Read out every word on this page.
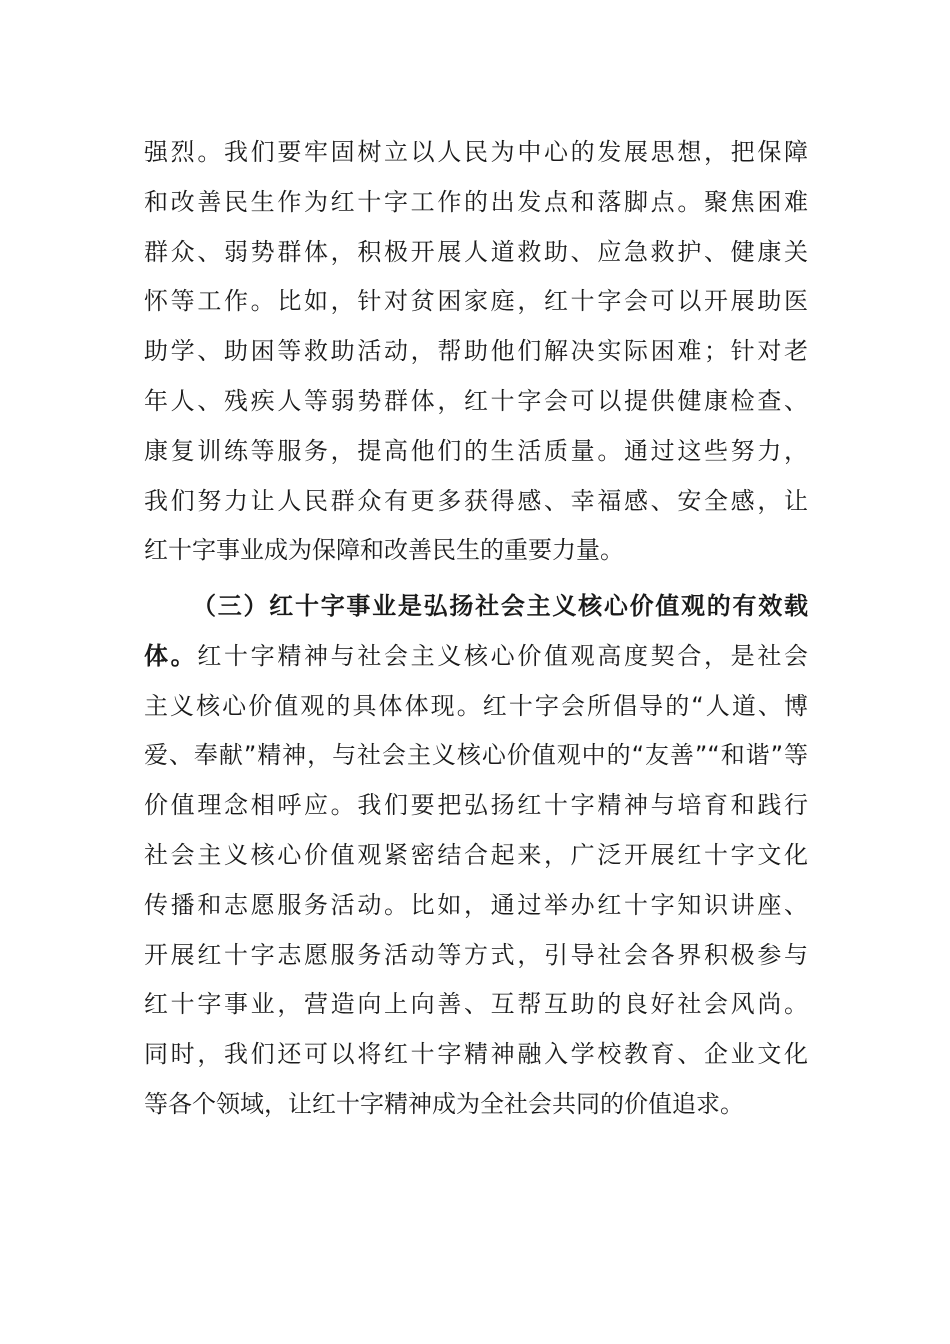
强烈。我们要牢固树立以人民为中心的发展思想，把保障
和改善民生作为红十字工作的出发点和落脚点。聚焦困难
群众、弱势群体，积极开展人道救助、应急救护、健康关
怀等工作。比如，针对贫困家庭，红十字会可以开展助医
助学、助困等救助活动，帮助他们解决实际困难；针对老
年人、残疾人等弱势群体，红十字会可以提供健康检查、
康复训练等服务，提高他们的生活质量。通过这些努力，
我们努力让人民群众有更多获得感、幸福感、安全感，让
红十字事业成为保障和改善民生的重要力量。
（三）红十字事业是弘扬社会主义核心价值观的有效载
体。红十字精神与社会主义核心价值观高度契合，是社会
主义核心价值观的具体体现。红十字会所倡导的“人道、博
爱、奉献”精神，与社会主义核心价值观中的“友善”“和谐”等
价值理念相呼应。我们要把弘扬红十字精神与培育和践行
社会主义核心价值观紧密结合起来，广泛开展红十字文化
传播和志愿服务活动。比如，通过举办红十字知识讲座、
开展红十字志愿服务活动等方式，引导社会各界积极参与
红十字事业，营造向上向善、互帮互助的良好社会风尚。
同时，我们还可以将红十字精神融入学校教育、企业文化
等各个领域，让红十字精神成为全社会共同的价值追求。
